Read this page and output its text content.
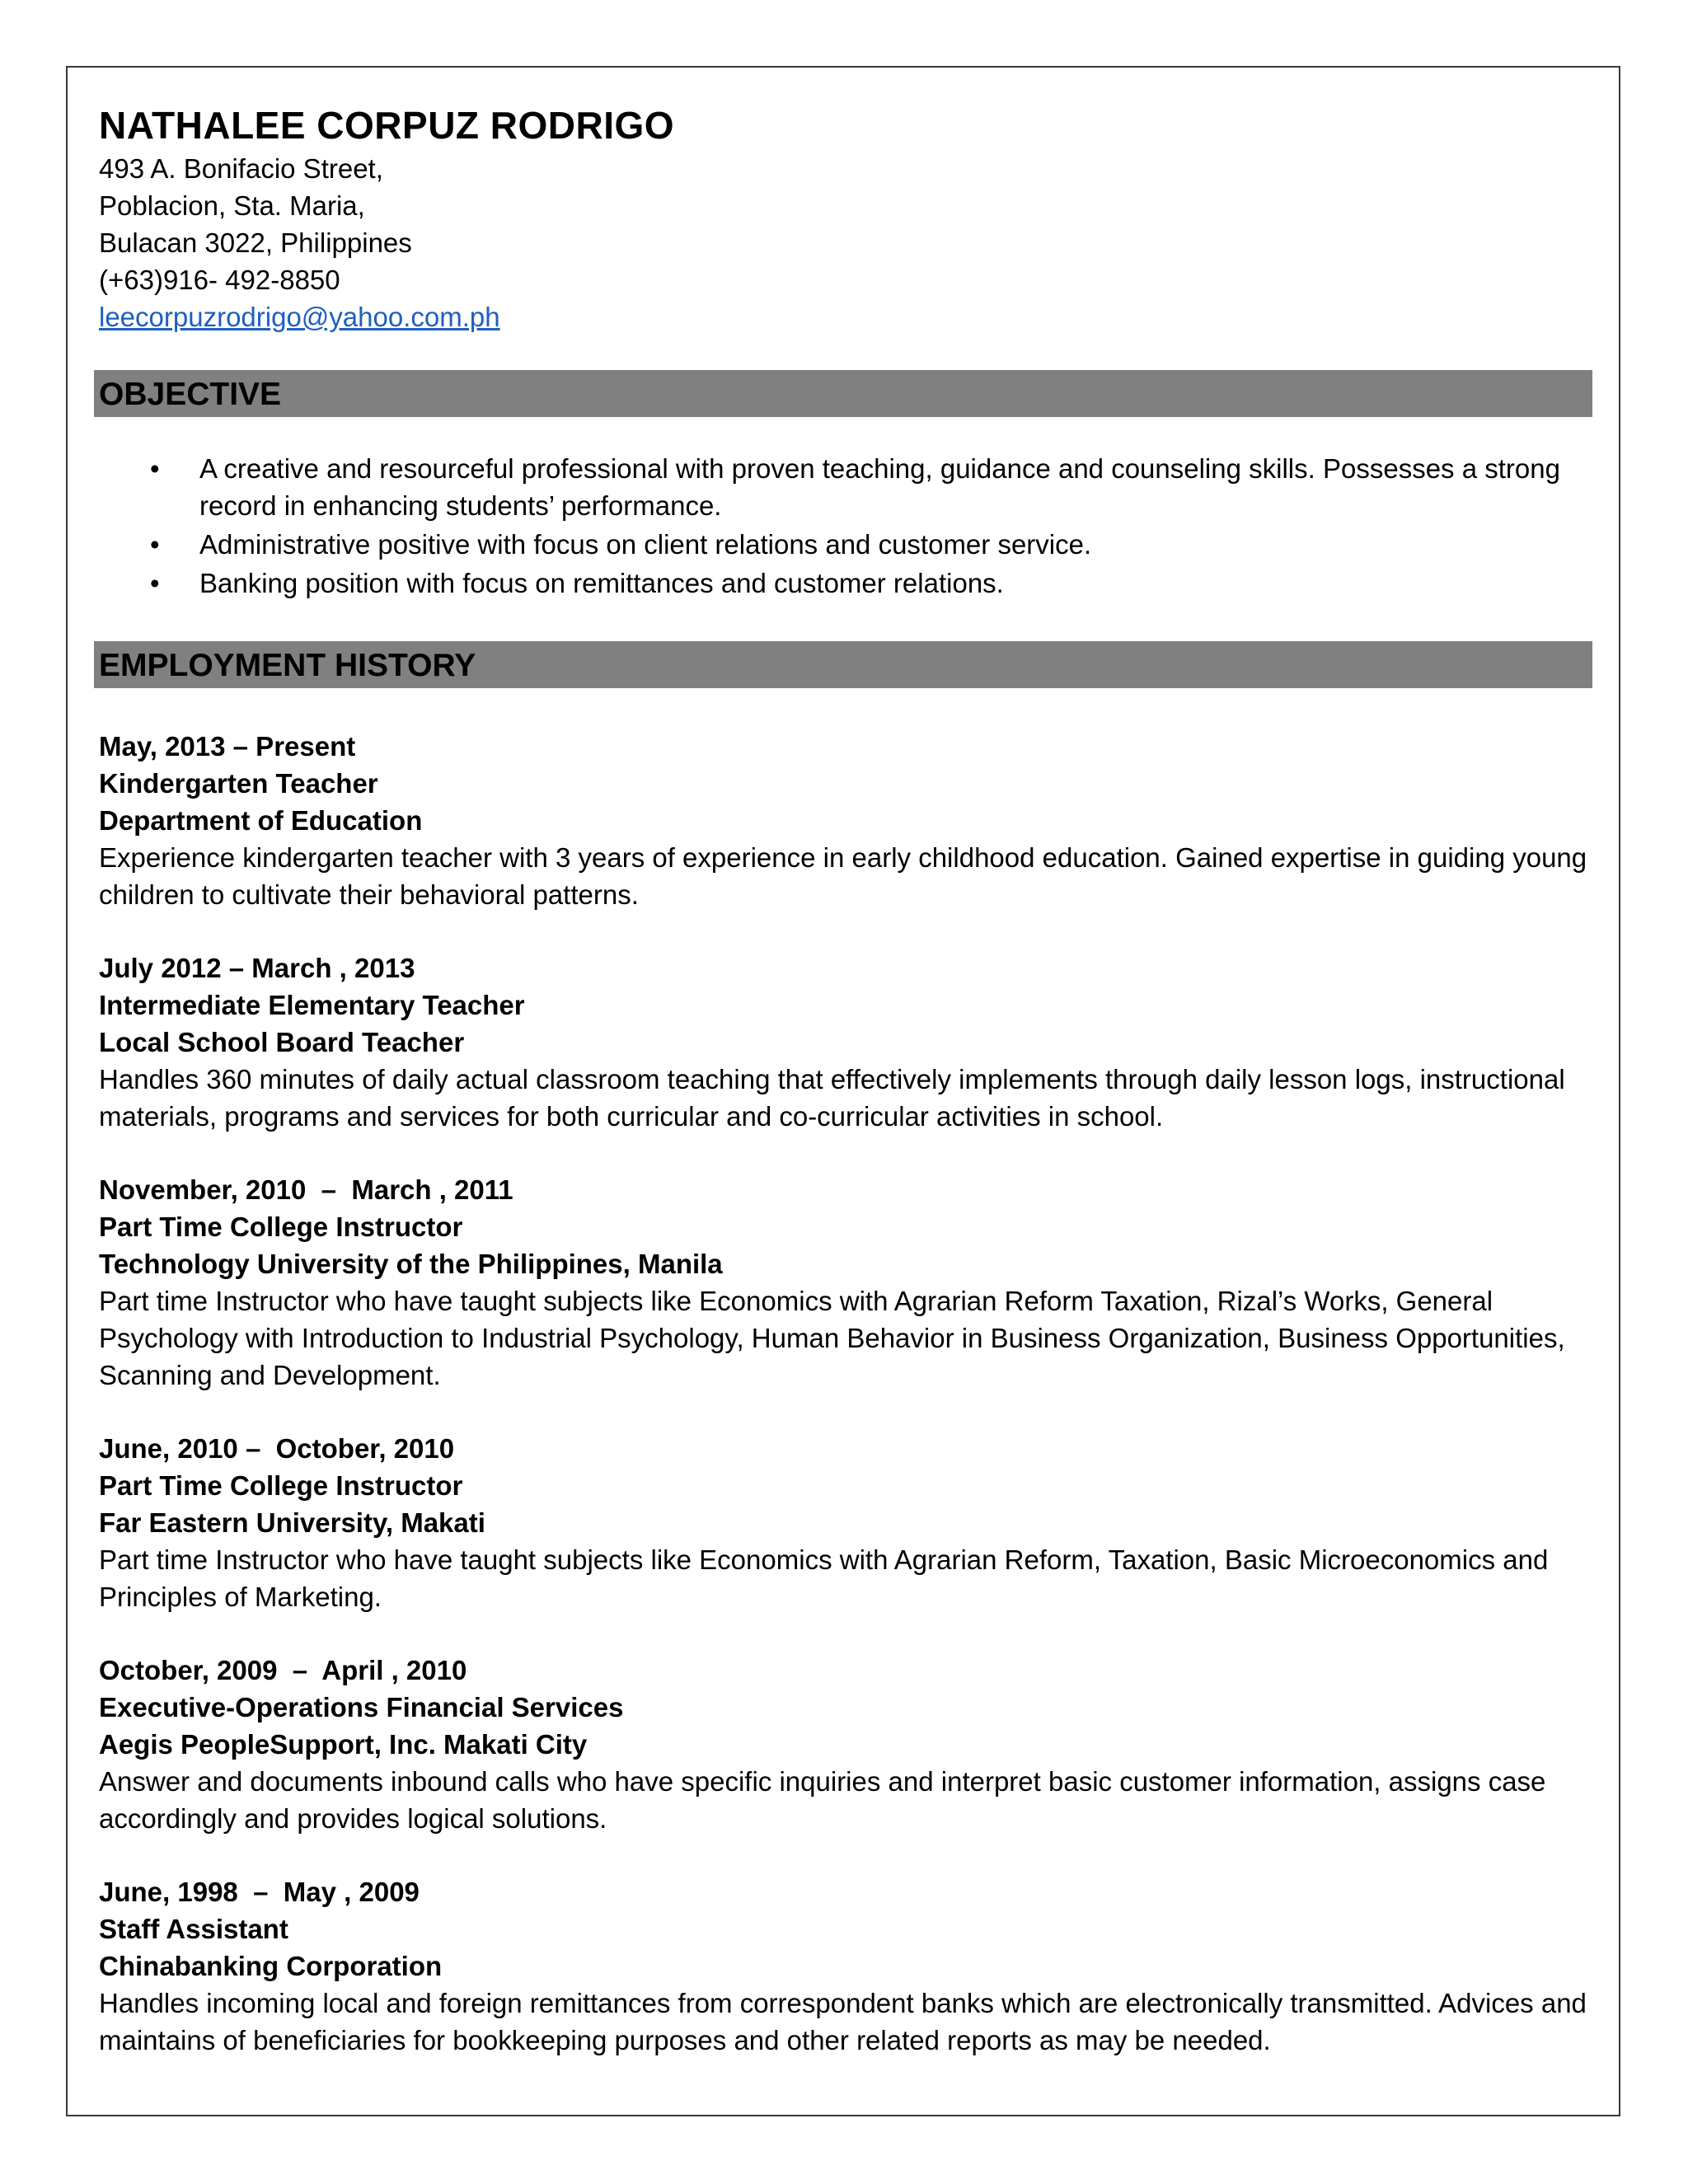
NATHALEE CORPUZ RODRIGO

493 A. Bonifacio Street,

Poblacion, Sta. Maria,

Bulacan 3022, Philippines

(+63)916- 492-8850

leecorpuzrodrigo@yahoo.com.ph

OBJECTIVE
• A creative and resourceful professional with proven teaching, guidance and counseling skills. Possesses a strong record in enhancing students’ performance.
• Administrative positive with focus on client relations and customer service.
• Banking position with focus on remittances and customer relations.
EMPLOYMENT HISTORY

May, 2013 – Present

Kindergarten Teacher

Department of Education

Experience kindergarten teacher with 3 years of experience in early childhood education. Gained expertise in guiding young children to cultivate their behavioral patterns.

July 2012 – March , 2013

Intermediate Elementary Teacher

Local School Board Teacher

Handles 360 minutes of daily actual classroom teaching that effectively implements through daily lesson logs, instructional materials, programs and services for both curricular and co-curricular activities in school.

November, 2010  –  March , 2011

Part Time College Instructor

Technology University of the Philippines, Manila

Part time Instructor who have taught subjects like Economics with Agrarian Reform Taxation, Rizal’s Works, General Psychology with Introduction to Industrial Psychology, Human Behavior in Business Organization, Business Opportunities, Scanning and Development.

June, 2010 –  October, 2010

Part Time College Instructor

Far Eastern University, Makati

Part time Instructor who have taught subjects like Economics with Agrarian Reform, Taxation, Basic Microeconomics and Principles of Marketing.

October, 2009  –  April , 2010

Executive-Operations Financial Services

Aegis PeopleSupport, Inc. Makati City

Answer and documents inbound calls who have specific inquiries and interpret basic customer information, assigns case accordingly and provides logical solutions.

June, 1998  –  May , 2009

Staff Assistant

Chinabanking Corporation

Handles incoming local and foreign remittances from correspondent banks which are electronically transmitted. Advices and maintains of beneficiaries for bookkeeping purposes and other related reports as may be needed.
